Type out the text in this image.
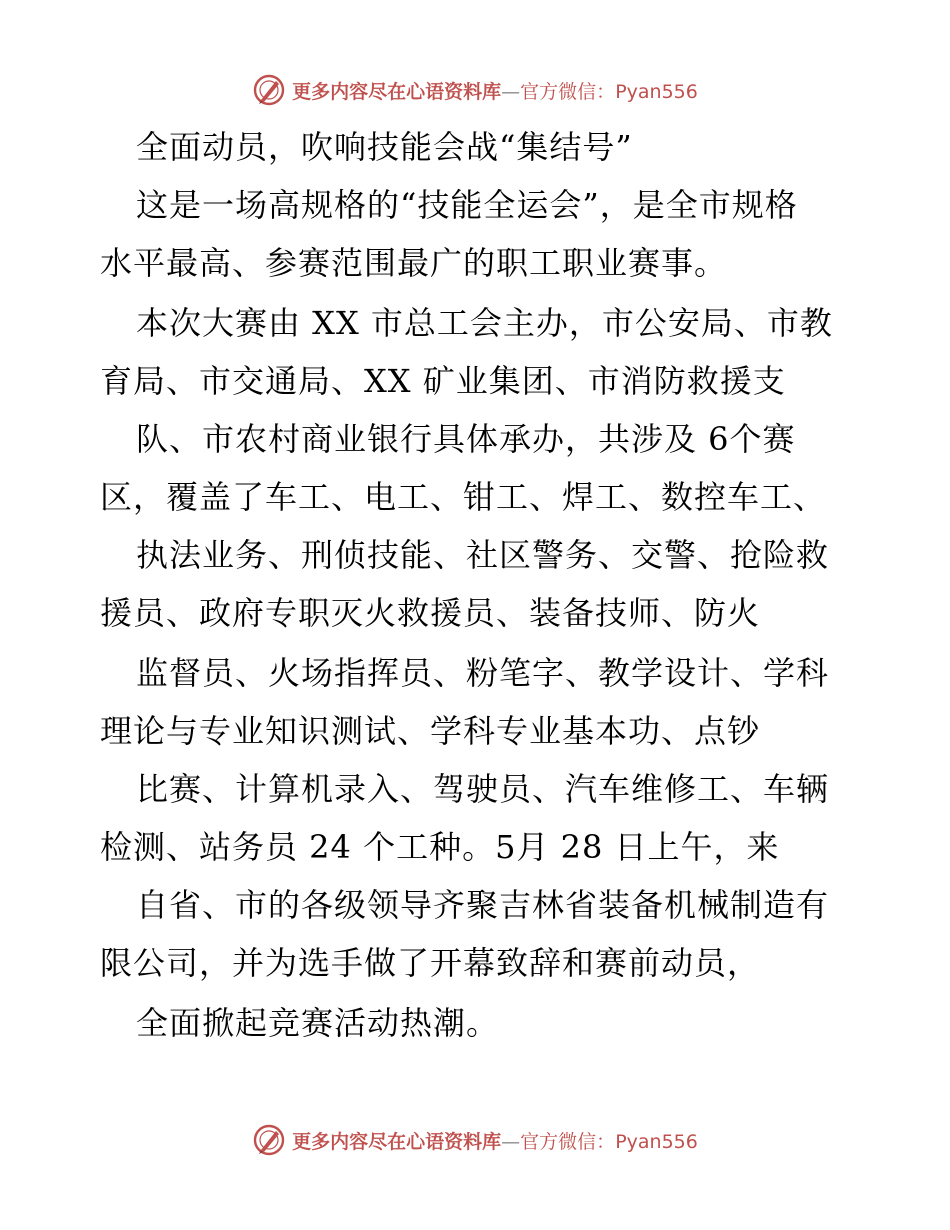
更多内容尽在心语资料库—官方微信：Pyan556
全面动员，吹响技能会战“集结号”
这是一场高规格的“技能全运会”，是全市规格
水平最高、参赛范围最广的职工职业赛事。
本次大赛由 XX 市总工会主办，市公安局、市教
育局、市交通局、XX 矿业集团、市消防救援支
队、市农村商业银行具体承办，共涉及 6个赛
区，覆盖了车工、电工、钳工、焊工、数控车工、
执法业务、刑侦技能、社区警务、交警、抢险救
援员、政府专职灭火救援员、装备技师、防火
监督员、火场指挥员、粉笔字、教学设计、学科
理论与专业知识测试、学科专业基本功、点钞
比赛、计算机录入、驾驶员、汽车维修工、车辆
检测、站务员 24 个工种。5月 28 日上午，来
自省、市的各级领导齐聚吉林省装备机械制造有
限公司，并为选手做了开幕致辞和赛前动员，
全面掀起竞赛活动热潮。
更多内容尽在心语资料库—官方微信：Pyan556
